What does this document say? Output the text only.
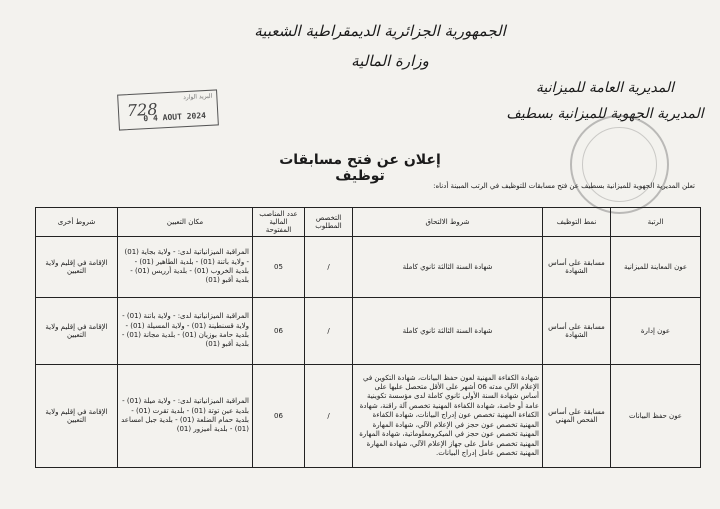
الجمهورية الجزائرية الديمقراطية الشعبية
وزارة المالية
المديرية العامة للميزانية
المديرية الجهوية للميزانية بسطيف
البريد الوارد
728
0 4 AOUT 2024
إعلان عن فتح مسابقات توظيف
تعلن المديرية الجهوية للميزانية بسطيف عن فتح مسابقات للتوظيف في الرتب المبينة أدناه:
الرتبة	نمط التوظيف	شروط الالتحاق	التخصص المطلوب	عدد المناصب المالية المفتوحة	مكان التعيين	شروط أخرى
عون المعاينة للميزانية	مسابقة على أساس الشهادة	شهادة السنة الثالثة ثانوي كاملة	/	05	المراقبة الميزانياتية لدى: - ولاية بجاية (01) - ولاية باتنة (01) - بلدية الطاهير (01) - بلدية الخروب (01) - بلدية أرريس (01) - بلدية أقبو (01)	الإقامة في إقليم ولاية التعيين
عون إدارة	مسابقة على أساس الشهادة	شهادة السنة الثالثة ثانوي كاملة	/	06	المراقبة الميزانياتية لدى: - ولاية باتنة (01) - ولاية قسنطينة (01) - ولاية المسيلة (01) - بلدية حامة بوزيان (01) - بلدية مجانة (01) - بلدية أقبو (01)	الإقامة في إقليم ولاية التعيين
عون حفظ البيانات	مسابقة على أساس الفحص المهني	شهادة الكفاءة المهنية لعون حفظ البيانات، شهادة التكوين في الإعلام الآلي مدته 06 أشهر على الأقل متحصل عليها على أساس شهادة السنة الأولى ثانوي كاملة لدى مؤسسة تكوينية عامة أو خاصة، شهادة الكفاءة المهنية تخصص آلة راقنة، شهادة الكفاءة المهنية تخصص عون إدراج البيانات، شهادة الكفاءة المهنية تخصص عون حجز في الإعلام الآلي، شهادة المهارة المهنية تخصص عون حجز في الميكرومعلوماتية، شهادة المهارة المهنية تخصص عامل على جهاز الإعلام الآلي، شهادة المهارة المهنية تخصص عامل إدراج البيانات.	/	06	المراقبة الميزانياتية لدى: - ولاية ميلة (01) - بلدية عين توتة (01) - بلدية تقرت (01) - بلدية حمام الضلعة (01) - بلدية جبل امساعد (01) - بلدية أميزور (01)	الإقامة في إقليم ولاية التعيين
